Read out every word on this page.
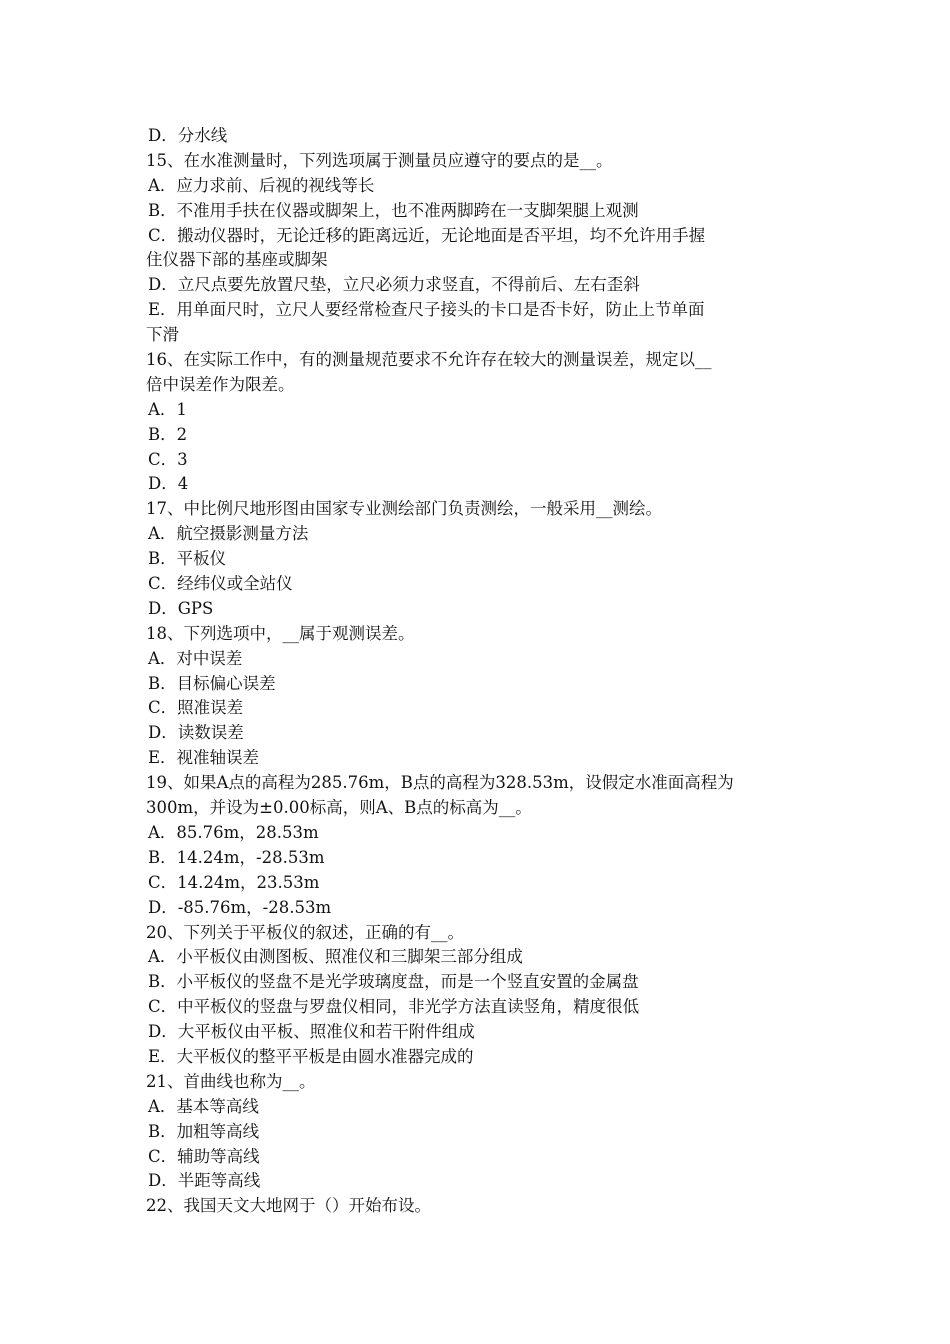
D．分水线
15、在水准测量时，下列选项属于测量员应遵守的要点的是__。
A．应力求前、后视的视线等长
B．不准用手扶在仪器或脚架上，也不准两脚跨在一支脚架腿上观测
C．搬动仪器时，无论迁移的距离远近，无论地面是否平坦，均不允许用手握
住仪器下部的基座或脚架
D．立尺点要先放置尺垫，立尺必须力求竖直，不得前后、左右歪斜
E．用单面尺时，立尺人要经常检查尺子接头的卡口是否卡好，防止上节单面
下滑
16、在实际工作中，有的测量规范要求不允许存在较大的测量误差，规定以__
倍中误差作为限差。
A．1
B．2
C．3
D．4
17、中比例尺地形图由国家专业测绘部门负责测绘，一般采用__测绘。
A．航空摄影测量方法
B．平板仪
C．经纬仪或全站仪
D．GPS
18、下列选项中，__属于观测误差。
A．对中误差
B．目标偏心误差
C．照准误差
D．读数误差
E．视准轴误差
19、如果A点的高程为285.76m，B点的高程为328.53m，设假定水准面高程为
300m，并设为±0.00标高，则A、B点的标高为__。
A．85.76m，28.53m
B．14.24m，-28.53m
C．14.24m，23.53m
D．-85.76m，-28.53m
20、下列关于平板仪的叙述，正确的有__。
A．小平板仪由测图板、照准仪和三脚架三部分组成
B．小平板仪的竖盘不是光学玻璃度盘，而是一个竖直安置的金属盘
C．中平板仪的竖盘与罗盘仪相同，非光学方法直读竖角，精度很低
D．大平板仪由平板、照准仪和若干附件组成
E．大平板仪的整平平板是由圆水准器完成的
21、首曲线也称为__。
A．基本等高线
B．加粗等高线
C．辅助等高线
D．半距等高线
22、我国天文大地网于（）开始布设。
